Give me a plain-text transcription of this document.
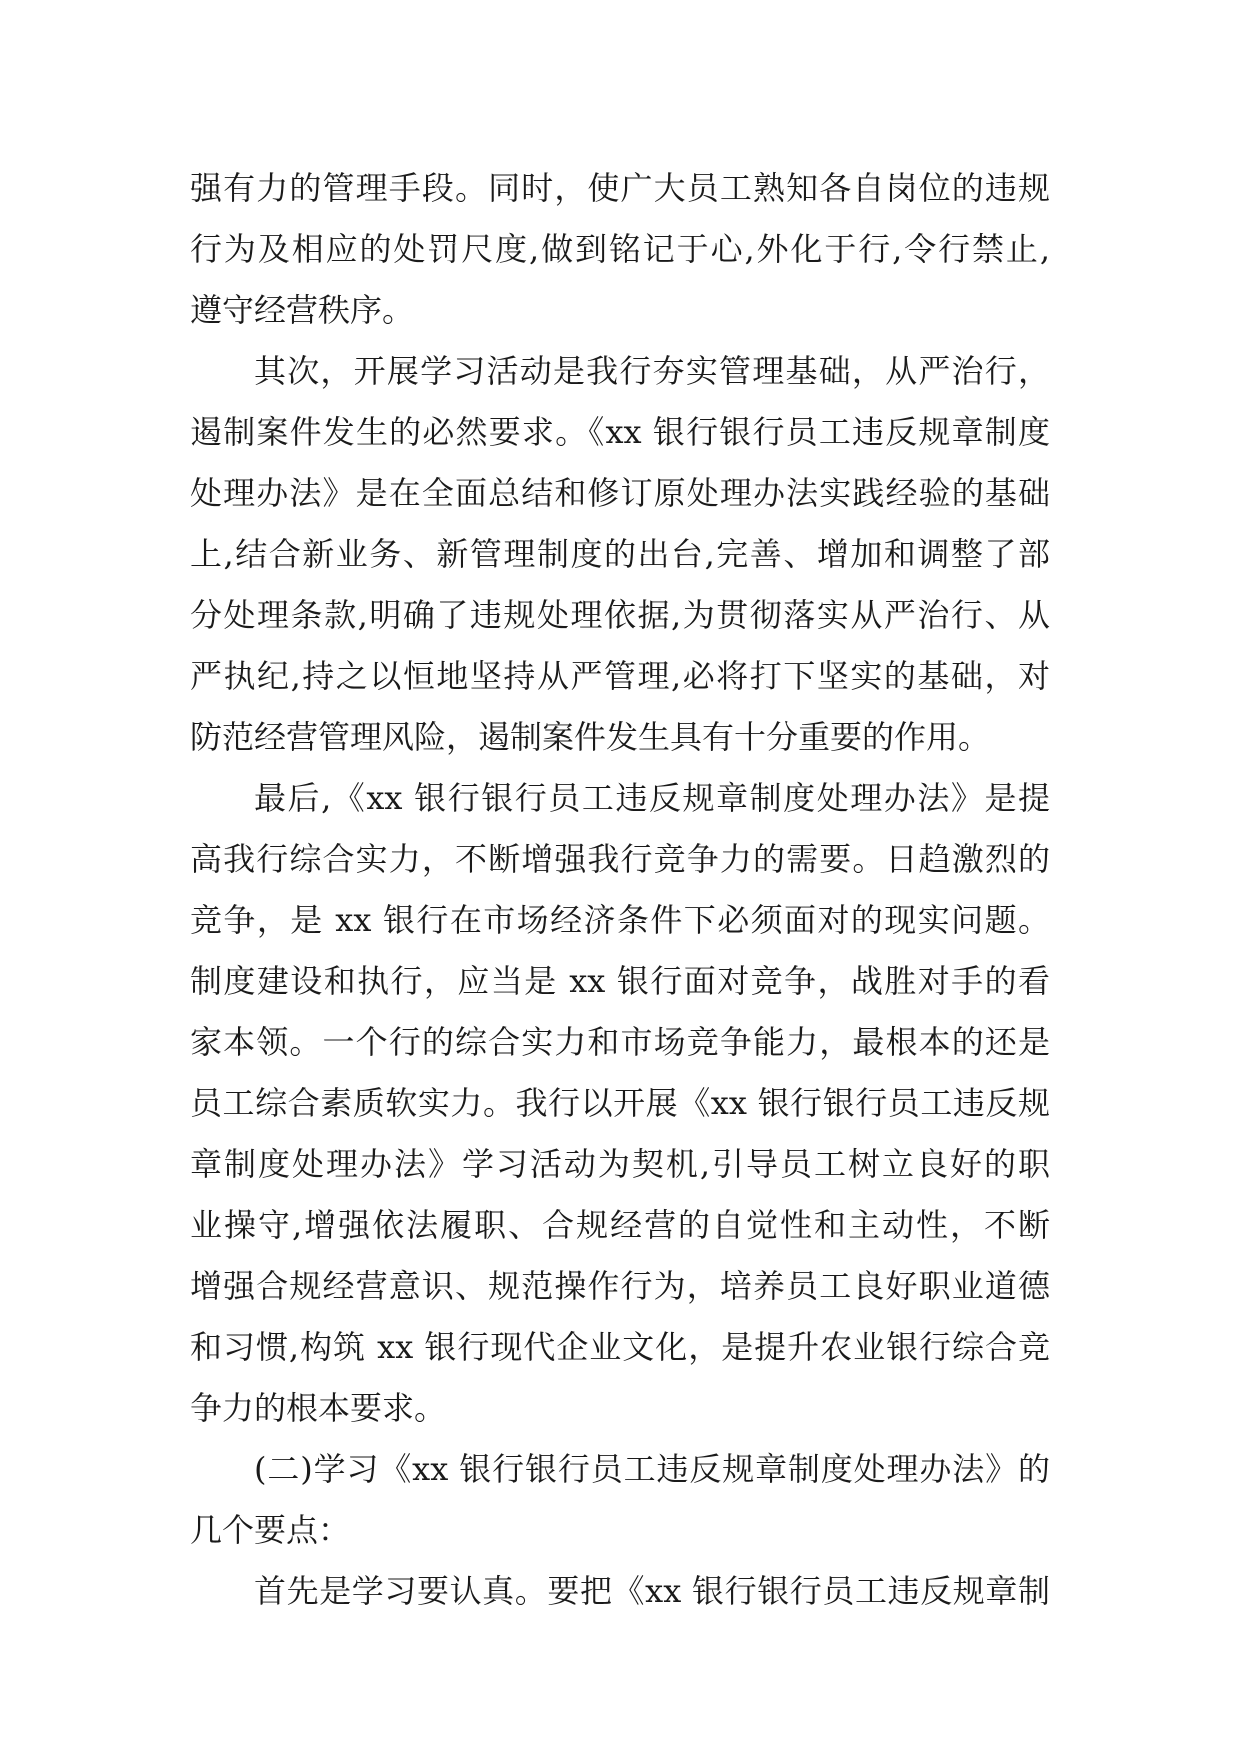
强有力的管理手段。同时，使广大员工熟知各自岗位的违规
行为及相应的处罚尺度,做到铭记于心,外化于行,令行禁止,
遵守经营秩序。
其次，开展学习活动是我行夯实管理基础，从严治行，
遏制案件发生的必然要求。《xx 银行银行员工违反规章制度
处理办法》是在全面总结和修订原处理办法实践经验的基础
上,结合新业务、新管理制度的出台,完善、增加和调整了部
分处理条款,明确了违规处理依据,为贯彻落实从严治行、从
严执纪,持之以恒地坚持从严管理,必将打下坚实的基础，对
防范经营管理风险，遏制案件发生具有十分重要的作用。
最后,《xx 银行银行员工违反规章制度处理办法》是提
高我行综合实力，不断增强我行竞争力的需要。日趋激烈的
竞争，是 xx 银行在市场经济条件下必须面对的现实问题。
制度建设和执行，应当是 xx 银行面对竞争，战胜对手的看
家本领。一个行的综合实力和市场竞争能力，最根本的还是
员工综合素质软实力。我行以开展《xx 银行银行员工违反规
章制度处理办法》学习活动为契机,引导员工树立良好的职
业操守,增强依法履职、合规经营的自觉性和主动性，不断
增强合规经营意识、规范操作行为，培养员工良好职业道德
和习惯,构筑 xx 银行现代企业文化，是提升农业银行综合竞
争力的根本要求。
(二)学习《xx 银行银行员工违反规章制度处理办法》的
几个要点：
首先是学习要认真。要把《xx 银行银行员工违反规章制
